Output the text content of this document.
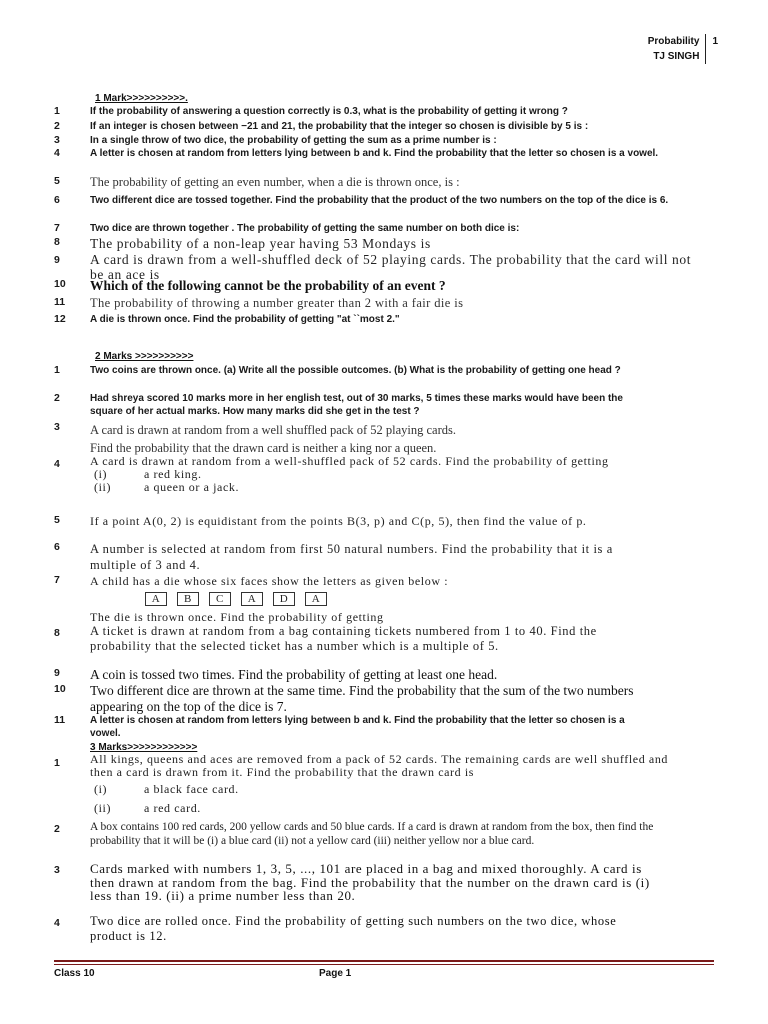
Probability
TJ SINGH
1
1 Mark>>>>>>>>>>.
1	If the probability of answering a question correctly is 0.3, what is the probability of getting it wrong ?
2	If an integer is chosen between −21 and 21, the probability that the integer so chosen is divisible by 5 is :
3	In a single throw of two dice, the probability of getting the sum as a prime number is :
4	A letter is chosen at random from letters lying between b and k. Find the probability that the letter so chosen is a vowel.
5 The probability of getting an even number, when a die is thrown once, is :
6	Two different dice are tossed together. Find the probability that the product of the two numbers on the top of the dice is 6.
7	Two dice are thrown together . The probability of getting the same number on both dice is:
8 The probability of a non-leap year having 53 Mondays is
9 A card is drawn from a well-shuffled deck of 52 playing cards. The probability that the card will not be an ace is
10 Which of the following cannot be the probability of an event ?
11 The probability of throwing a number greater than 2 with a fair die is
12 A die is thrown once. Find the probability of getting "at ``most 2."
2 Marks >>>>>>>>>>
1	Two coins are thrown once. (a) Write all the possible outcomes. (b) What is the probability of getting one head ?
2	Had shreya scored 10 marks more in her english test, out of 30 marks, 5 times these marks would have been the square of her actual marks. How many marks did she get in the test ?
3 A card is drawn at random from a well shuffled pack of 52 playing cards.
Find the probability that the drawn card is neither a king nor a queen.
4	A card is drawn at random from a well-shuffled pack of 52 cards. Find the probability of getting
(i)	a red king.
(ii)	a queen or a jack.
5	If a point A(0, 2) is equidistant from the points B(3, p) and C(p, 5), then find the value of p.
6 A number is selected at random from first 50 natural numbers. Find the probability that it is a multiple of 3 and 4.
7	A child has a die whose six faces show the letters as given below :
A	B	C	A	D	A
The die is thrown once. Find the probability of getting
8 A ticket is drawn at random from a bag containing tickets numbered from 1 to 40. Find the probability that the selected ticket has a number which is a multiple of 5.
9 A coin is tossed two times. Find the probability of getting at least one head.
10 Two different dice are thrown at the same time. Find the probability that the sum of the two numbers appearing on the top of the dice is 7.
11 A letter is chosen at random from letters lying between b and k. Find the probability that the letter so chosen is a vowel.
3 Marks>>>>>>>>>>>>
1	All kings, queens and aces are removed from a pack of 52 cards. The remaining cards are well shuffled and then a card is drawn from it. Find the probability that the drawn card is
(i)	a black face card.
(ii)	a red card.
2	A box contains 100 red cards, 200 yellow cards and 50 blue cards. If a card is drawn at random from the box, then find the probability that it will be (i) a blue card (ii) not a yellow card (iii) neither yellow nor a blue card.
3 Cards marked with numbers 1, 3, 5, ..., 101 are placed in a bag and mixed thoroughly. A card is then drawn at random from the bag. Find the probability that the number on the drawn card is (i) less than 19. (ii) a prime number less than 20.
4 Two dice are rolled once. Find the probability of getting such numbers on the two dice, whose product is 12.
Class 10	Page 1
